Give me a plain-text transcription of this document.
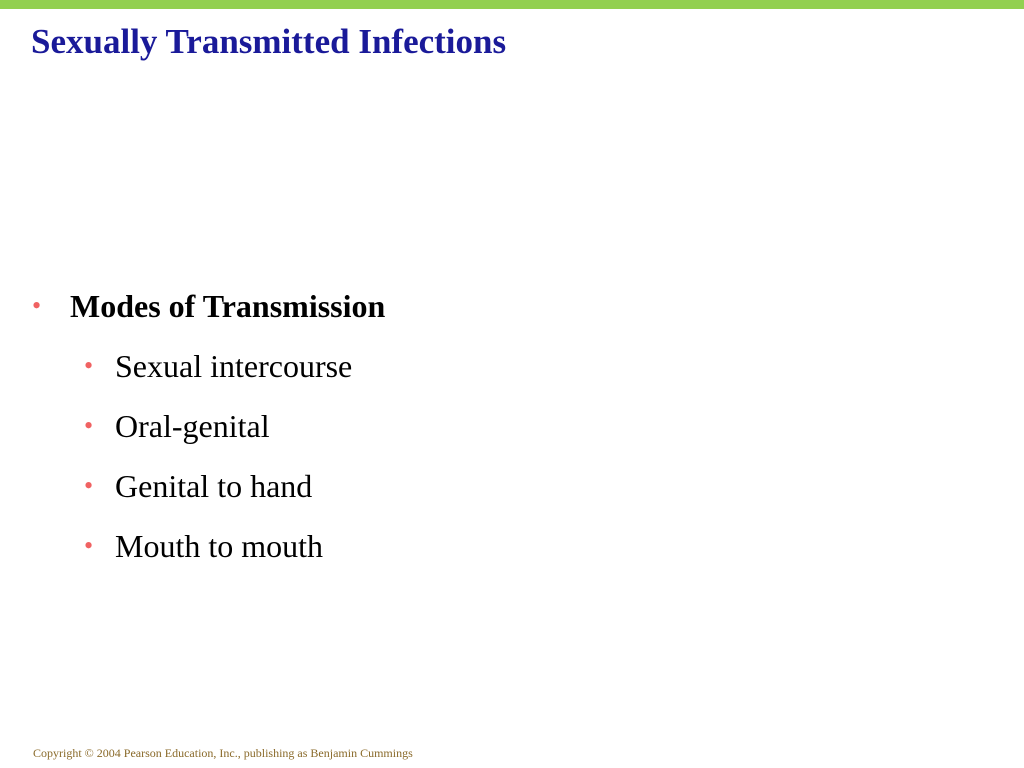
Sexually Transmitted Infections
• Modes of Transmission
• Sexual intercourse
• Oral-genital
• Genital to hand
• Mouth to mouth
Copyright © 2004 Pearson Education, Inc., publishing as Benjamin Cummings
